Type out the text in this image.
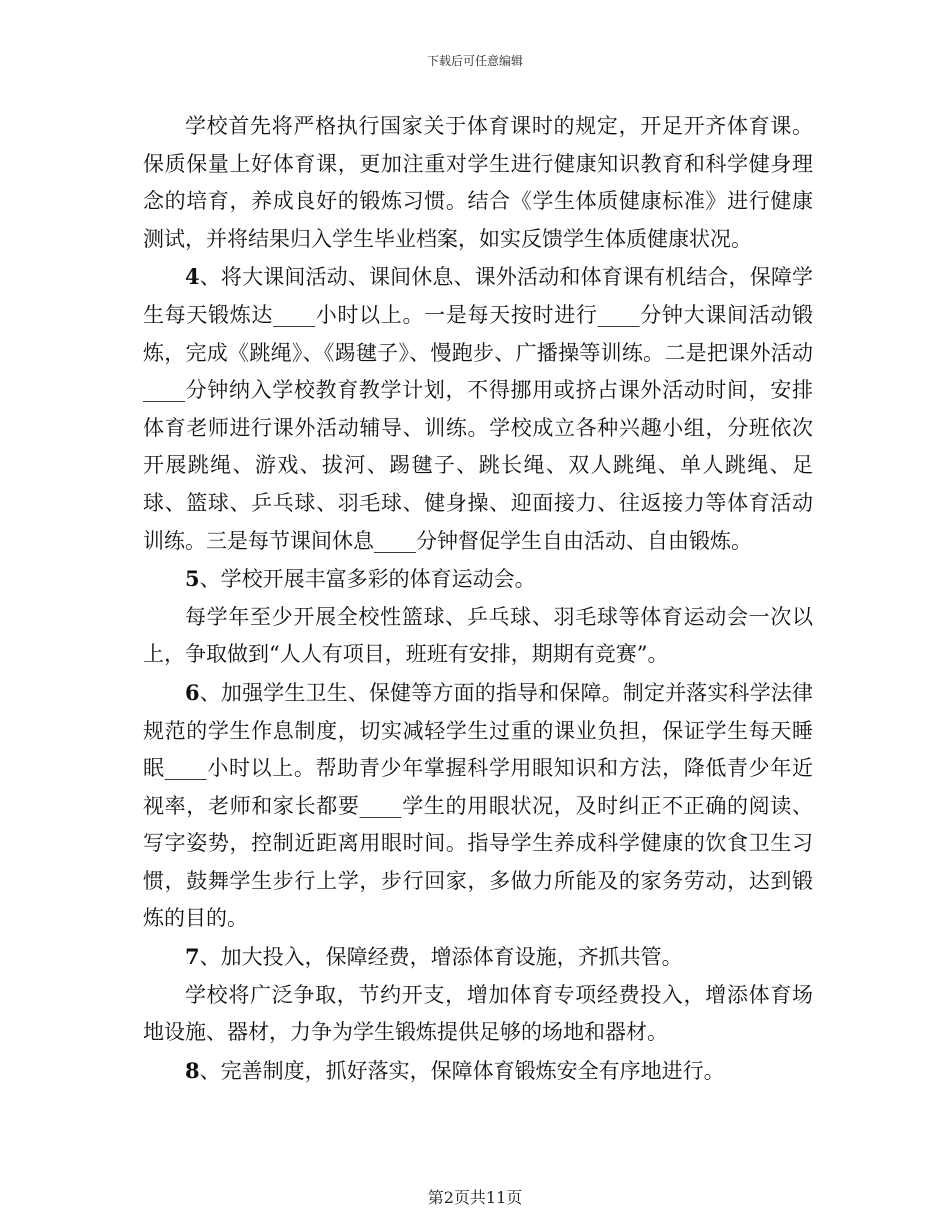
下载后可任意编辑

学校首先将严格执行国家关于体育课时的规定，开足开齐体育课。保质保量上好体育课，更加注重对学生进行健康知识教育和科学健身理念的培育，养成良好的锻炼习惯。结合《学生体质健康标准》进行健康测试，并将结果归入学生毕业档案，如实反馈学生体质健康状况。

4、将大课间活动、课间休息、课外活动和体育课有机结合，保障学生每天锻炼达____小时以上。一是每天按时进行____分钟大课间活动锻炼，完成《跳绳》、《踢毽子》、慢跑步、广播操等训练。二是把课外活动____分钟纳入学校教育教学计划，不得挪用或挤占课外活动时间，安排体育老师进行课外活动辅导、训练。学校成立各种兴趣小组，分班依次开展跳绳、游戏、拔河、踢毽子、跳长绳、双人跳绳、单人跳绳、足球、篮球、乒乓球、羽毛球、健身操、迎面接力、往返接力等体育活动训练。三是每节课间休息____分钟督促学生自由活动、自由锻炼。

5、学校开展丰富多彩的体育运动会。

每学年至少开展全校性篮球、乒乓球、羽毛球等体育运动会一次以上，争取做到“人人有项目，班班有安排，期期有竞赛”。

6、加强学生卫生、保健等方面的指导和保障。制定并落实科学法律规范的学生作息制度，切实减轻学生过重的课业负担，保证学生每天睡眠____小时以上。帮助青少年掌握科学用眼知识和方法，降低青少年近视率，老师和家长都要____学生的用眼状况，及时纠正不正确的阅读、写字姿势，控制近距离用眼时间。指导学生养成科学健康的饮食卫生习惯，鼓舞学生步行上学，步行回家，多做力所能及的家务劳动，达到锻炼的目的。

7、加大投入，保障经费，增添体育设施，齐抓共管。

学校将广泛争取，节约开支，增加体育专项经费投入，增添体育场地设施、器材，力争为学生锻炼提供足够的场地和器材。

8、完善制度，抓好落实，保障体育锻炼安全有序地进行。

第2页共11页
